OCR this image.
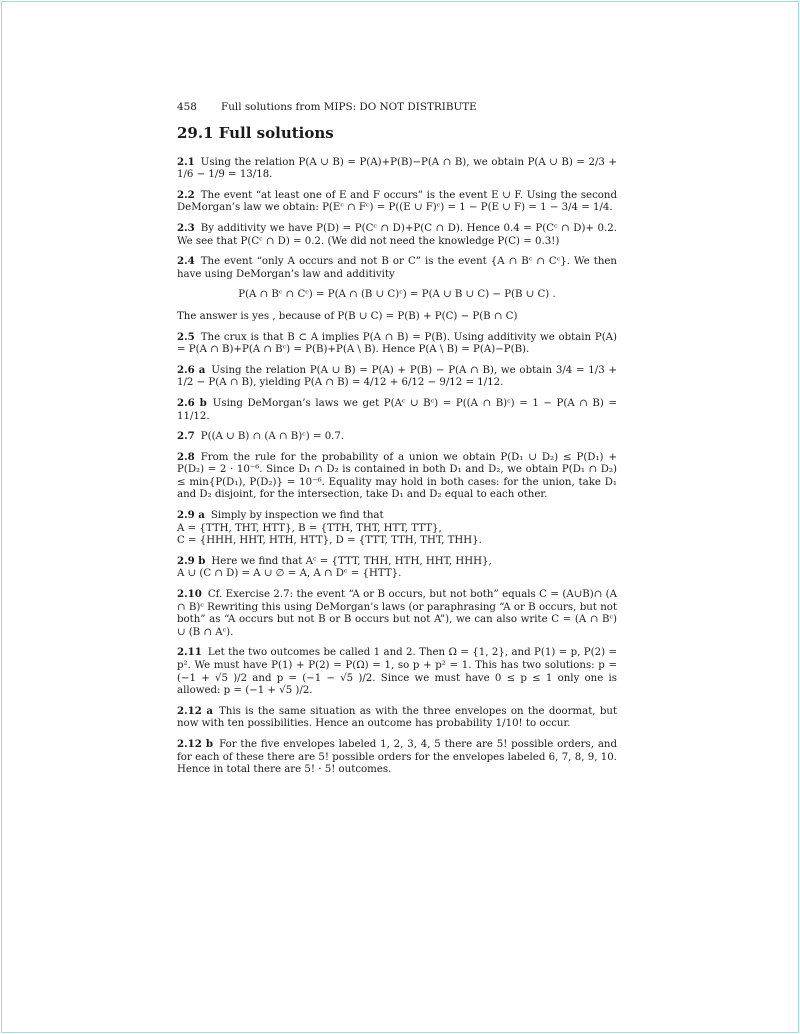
458 Full solutions from MIPS: DO NOT DISTRIBUTE
29.1 Full solutions
2.1 Using the relation P(A ∪ B) = P(A)+P(B)−P(A ∩ B), we obtain P(A ∪ B) = 2/3 + 1/6 − 1/9 = 13/18.
2.2 The event “at least one of E and F occurs” is the event E ∪ F. Using the second DeMorgan’s law we obtain: P(Eᶜ ∩ Fᶜ) = P((E ∪ F)ᶜ) = 1 − P(E ∪ F) = 1 − 3/4 = 1/4.
2.3 By additivity we have P(D) = P(Cᶜ ∩ D)+P(C ∩ D). Hence 0.4 = P(Cᶜ ∩ D)+ 0.2. We see that P(Cᶜ ∩ D) = 0.2. (We did not need the knowledge P(C) = 0.3!)
2.4 The event “only A occurs and not B or C” is the event {A ∩ Bᶜ ∩ Cᶜ}. We then have using DeMorgan’s law and additivity
P(A ∩ Bᶜ ∩ Cᶜ) = P(A ∩ (B ∪ C)ᶜ) = P(A ∪ B ∪ C) − P(B ∪ C) .
The answer is yes , because of P(B ∪ C) = P(B) + P(C) − P(B ∩ C)
2.5 The crux is that B ⊂ A implies P(A ∩ B) = P(B). Using additivity we obtain P(A) = P(A ∩ B)+P(A ∩ Bᶜ) = P(B)+P(A \ B). Hence P(A \ B) = P(A)−P(B).
2.6 a Using the relation P(A ∪ B) = P(A) + P(B) − P(A ∩ B), we obtain 3/4 = 1/3 + 1/2 − P(A ∩ B), yielding P(A ∩ B) = 4/12 + 6/12 − 9/12 = 1/12.
2.6 b Using DeMorgan’s laws we get P(Aᶜ ∪ Bᶜ) = P((A ∩ B)ᶜ) = 1 − P(A ∩ B) = 11/12.
2.7 P((A ∪ B) ∩ (A ∩ B)ᶜ) = 0.7.
2.8 From the rule for the probability of a union we obtain P(D₁ ∪ D₂) ≤ P(D₁) + P(D₂) = 2 · 10⁻⁶. Since D₁ ∩ D₂ is contained in both D₁ and D₂, we obtain P(D₁ ∩ D₂) ≤ min{P(D₁), P(D₂)} = 10⁻⁶. Equality may hold in both cases: for the union, take D₁ and D₂ disjoint, for the intersection, take D₁ and D₂ equal to each other.
2.9 a Simply by inspection we find that
A = {TTH, THT, HTT}, B = {TTH, THT, HTT, TTT},
C = {HHH, HHT, HTH, HTT}, D = {TTT, TTH, THT, THH}.
2.9 b Here we find that Aᶜ = {TTT, THH, HTH, HHT, HHH},
A ∪ (C ∩ D) = A ∪ ∅ = A, A ∩ Dᶜ = {HTT}.
2.10 Cf. Exercise 2.7: the event “A or B occurs, but not both” equals C = (A∪B)∩ (A ∩ B)ᶜ Rewriting this using DeMorgan’s laws (or paraphrasing “A or B occurs, but not both” as “A occurs but not B or B occurs but not A”), we can also write C = (A ∩ Bᶜ) ∪ (B ∩ Aᶜ).
2.11 Let the two outcomes be called 1 and 2. Then Ω = {1, 2}, and P(1) = p, P(2) = p². We must have P(1) + P(2) = P(Ω) = 1, so p + p² = 1. This has two solutions: p = (−1 + √5 )/2 and p = (−1 − √5 )/2. Since we must have 0 ≤ p ≤ 1 only one is allowed: p = (−1 + √5 )/2.
2.12 a This is the same situation as with the three envelopes on the doormat, but now with ten possibilities. Hence an outcome has probability 1/10! to occur.
2.12 b For the five envelopes labeled 1, 2, 3, 4, 5 there are 5! possible orders, and for each of these there are 5! possible orders for the envelopes labeled 6, 7, 8, 9, 10. Hence in total there are 5! · 5! outcomes.
